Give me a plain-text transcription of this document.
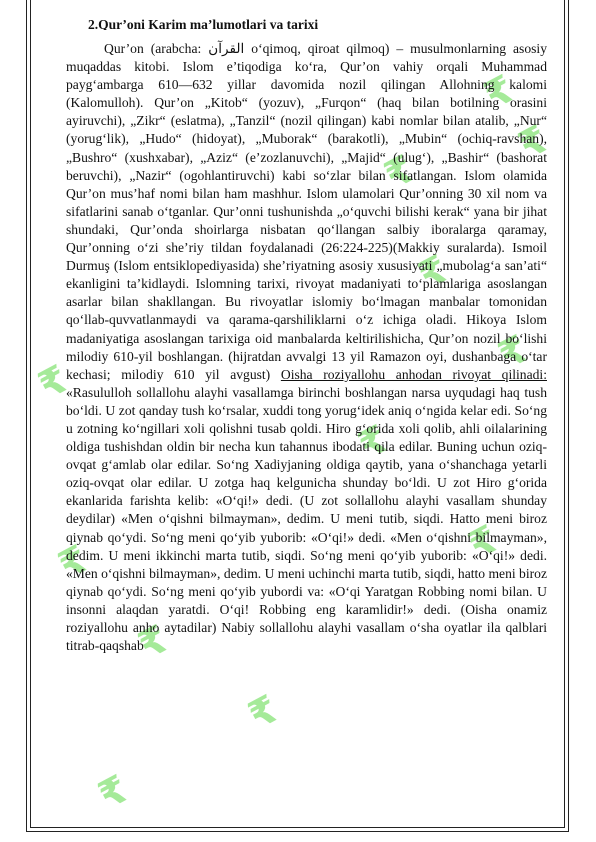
₹
₹
₹
₹
₹
₹
₹
₹
₹
₹
₹
₹
2.Qur’oni Karim ma’lumotlari va tarixi

Qur’on (arabcha: القرآن o‘qimoq, qiroat qilmoq) – musulmonlarning asosiy muqaddas kitobi. Islom e’tiqodiga ko‘ra, Qur’on vahiy orqali Muhammad payg‘ambarga 610—632 yillar davomida nozil qilingan Allohning kalomi (Kalomulloh). Qur’on „Kitob“ (yozuv), „Furqon“ (haq bilan botilning orasini ayiruvchi), „Zikr“ (eslatma), „Tanzil“ (nozil qilingan) kabi nomlar bilan atalib, „Nur“ (yorug‘lik), „Hudo“ (hidoyat), „Muborak“ (barakotli), „Mubin“ (ochiq-ravshan), „Bushro“ (xushxabar), „Aziz“ (e’zozlanuvchi), „Majid“ (ulug‘), „Bashir“ (bashorat beruvchi), „Nazir“ (ogohlantiruvchi) kabi so‘zlar bilan sifatlangan. Islom olamida Qur’on mus’haf nomi bilan ham mashhur. Islom ulamolari Qur’onning 30 xil nom va sifatlarini sanab o‘tganlar. Qur’onni tushunishda „o‘quvchi bilishi kerak“ yana bir jihat shundaki, Qur’onda shoirlarga nisbatan qo‘llangan salbiy iboralarga qaramay, Qur’onning o‘zi she’riy tildan foydalanadi (26:224-225)(Makkiy suralarda). Ismoil Durmuş (Islom entsiklopediyasida) she’riyatning asosiy xususiyati „mubolag‘a san’ati“ ekanligini ta’kidlaydi. Islomning tarixi, rivoyat madaniyati to‘plamlariga asoslangan asarlar bilan shakllangan. Bu rivoyatlar islomiy bo‘lmagan manbalar tomonidan qo‘llab-quvvatlanmaydi va qarama-qarshiliklarni o‘z ichiga oladi. Hikoya Islom madaniyatiga asoslangan tarixiga oid manbalarda keltirilishicha, Qur’on nozil bo‘lishi milodiy 610-yil boshlangan. (hijratdan avvalgi 13 yil Ramazon oyi, dushanbaga o‘tar kechasi; milodiy 610 yil avgust) Oisha roziyallohu anhodan rivoyat qilinadi: «Rasululloh sollallohu alayhi vasallamga birinchi boshlangan narsa uyqudagi haq tush bo‘ldi. U zot qanday tush ko‘rsalar, xuddi tong yorug‘idek aniq o‘ngida kelar edi. So‘ng u zotning ko‘ngillari xoli qolishni tusab qoldi. Hiro g‘orida xoli qolib, ahli oilalarining oldiga tushishdan oldin bir necha kun tahannus ibodati qila edilar. Buning uchun oziq-ovqat g‘amlab olar edilar. So‘ng Xadiyjaning oldiga qaytib, yana o‘shanchaga yetarli oziq-ovqat olar edilar. U zotga haq kelgunicha shunday bo‘ldi. U zot Hiro g‘orida ekanlarida farishta kelib: «O‘qi!» dedi. (U zot sollallohu alayhi vasallam shunday deydilar) «Men o‘qishni bilmayman», dedim. U meni tutib, siqdi. Hatto meni biroz qiynab qo‘ydi. So‘ng meni qo‘yib yuborib: «O‘qi!» dedi. «Men o‘qishni bilmayman», dedim. U meni ikkinchi marta tutib, siqdi. So‘ng meni qo‘yib yuborib: «O‘qi!» dedi. «Men o‘qishni bilmayman», dedim. U meni uchinchi marta tutib, siqdi, hatto meni biroz qiynab qo‘ydi. So‘ng meni qo‘yib yubordi va: «O‘qi Yaratgan Robbing nomi bilan. U insonni alaqdan yaratdi. O‘qi! Robbing eng karamlidir!» dedi. (Oisha onamiz roziyallohu anho aytadilar) Nabiy sollallohu alayhi vasallam o‘sha oyatlar ila qalblari titrab-qaqshab
